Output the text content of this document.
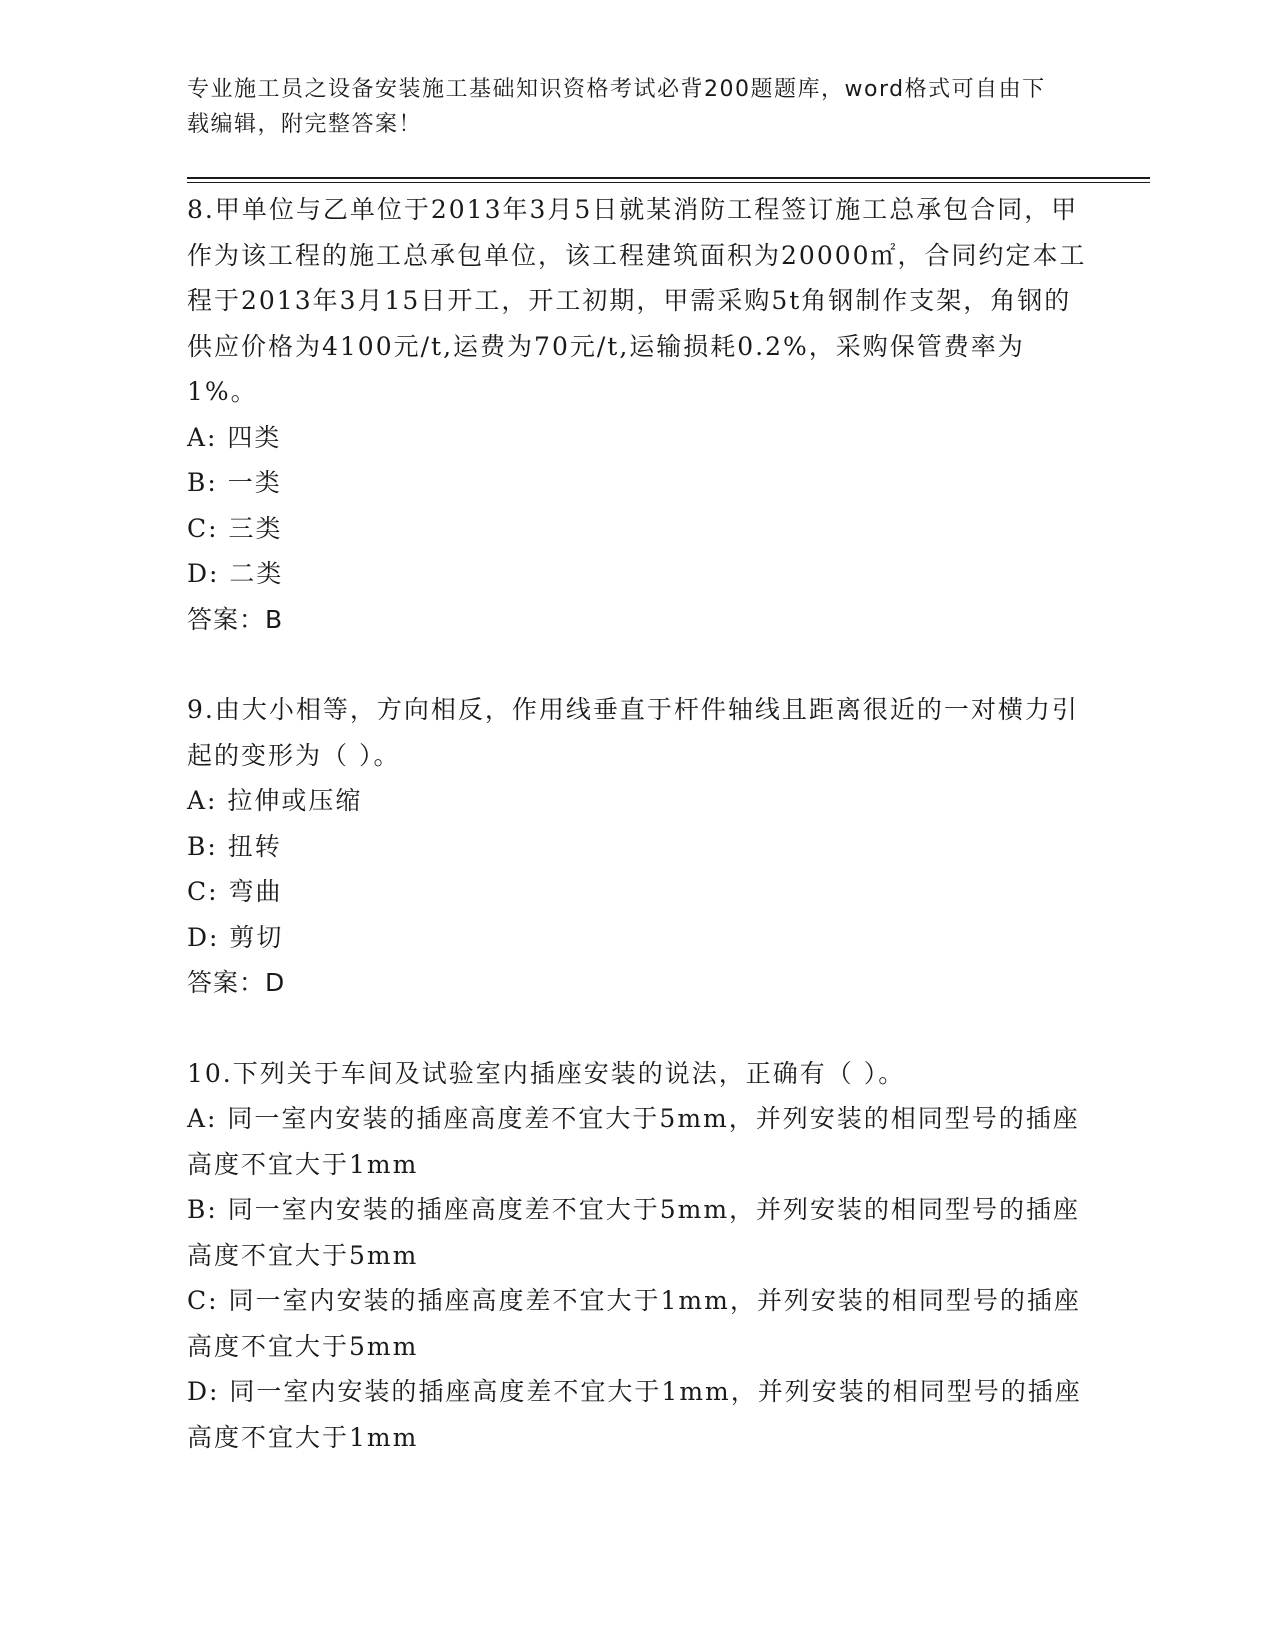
专业施工员之设备安装施工基础知识资格考试必背200题题库，word格式可自由下载编辑，附完整答案！

8.甲单位与乙单位于2013年3月5日就某消防工程签订施工总承包合同，甲作为该工程的施工总承包单位，该工程建筑面积为20000㎡，合同约定本工程于2013年3月15日开工，开工初期，甲需采购5t角钢制作支架，角钢的供应价格为4100元/t,运费为70元/t,运输损耗0.2%，采购保管费率为1%。

A: 四类

B: 一类

C: 三类

D: 二类

答案：B

9.由大小相等，方向相反，作用线垂直于杆件轴线且距离很近的一对横力引起的变形为（ ）。

A: 拉伸或压缩

B: 扭转

C: 弯曲

D: 剪切

答案：D

10.下列关于车间及试验室内插座安装的说法，正确有（ ）。

A: 同一室内安装的插座高度差不宜大于5mm，并列安装的相同型号的插座高度不宜大于1mm

B: 同一室内安装的插座高度差不宜大于5mm，并列安装的相同型号的插座高度不宜大于5mm

C: 同一室内安装的插座高度差不宜大于1mm，并列安装的相同型号的插座高度不宜大于5mm

D: 同一室内安装的插座高度差不宜大于1mm，并列安装的相同型号的插座高度不宜大于1mm
